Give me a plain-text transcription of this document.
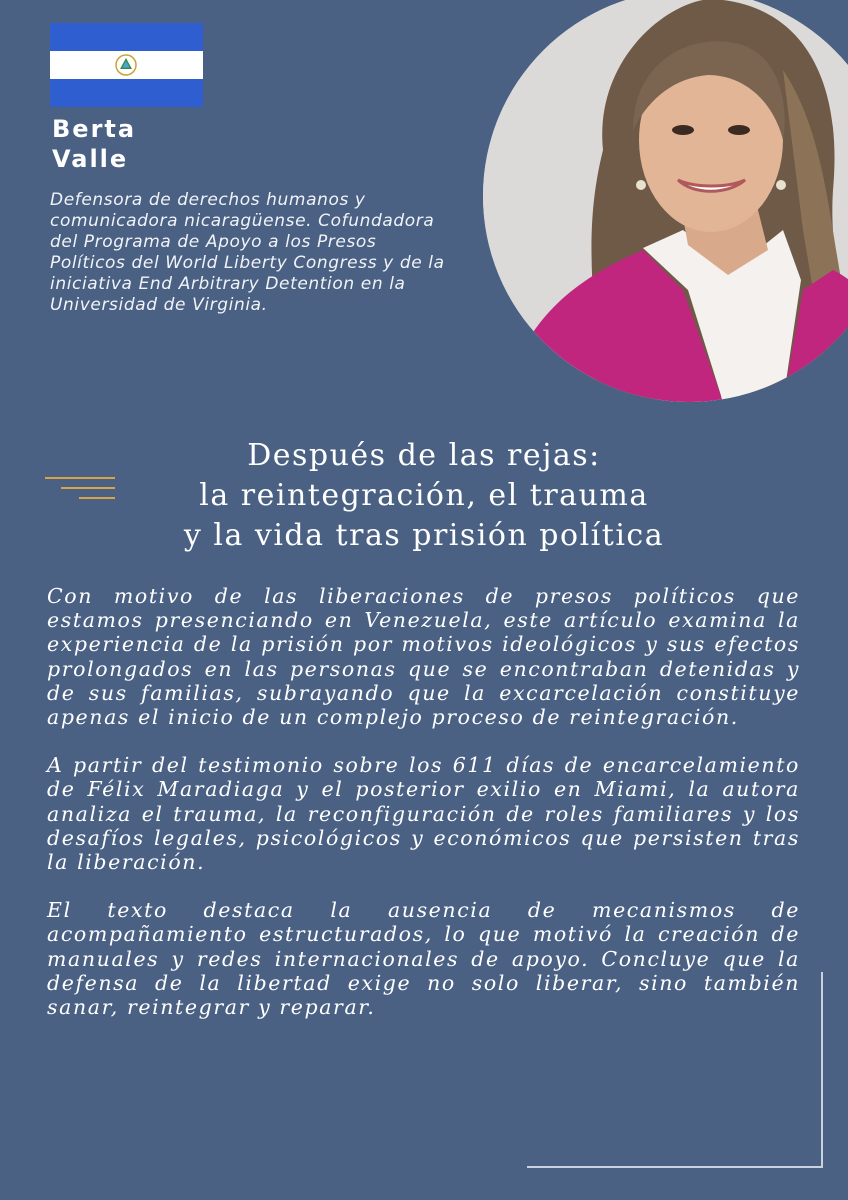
Berta
Valle
Defensora de derechos humanos y comunicadora nicaragüense. Cofundadora del Programa de Apoyo a los Presos Políticos del World Liberty Congress y de la iniciativa End Arbitrary Detention en la Universidad de Virginia.
Después de las rejas:
la reintegración, el trauma
y la vida tras prisión política

Con motivo de las liberaciones de presos políticos que estamos presenciando en Venezuela, este artículo examina la experiencia de la prisión por motivos ideológicos y sus efectos prolongados en las personas que se encontraban detenidas y de sus familias, subrayando que la excarcelación constituye apenas el inicio de un complejo proceso de reintegración.

A partir del testimonio sobre los 611 días de encarcelamiento de Félix Maradiaga y el posterior exilio en Miami, la autora analiza el trauma, la reconfiguración de roles familiares y los desafíos legales, psicológicos y económicos que persisten tras la liberación.

El texto destaca la ausencia de mecanismos de acompañamiento estructurados, lo que motivó la creación de manuales y redes internacionales de apoyo. Concluye que la defensa de la libertad exige no solo liberar, sino también sanar, reintegrar y reparar.
